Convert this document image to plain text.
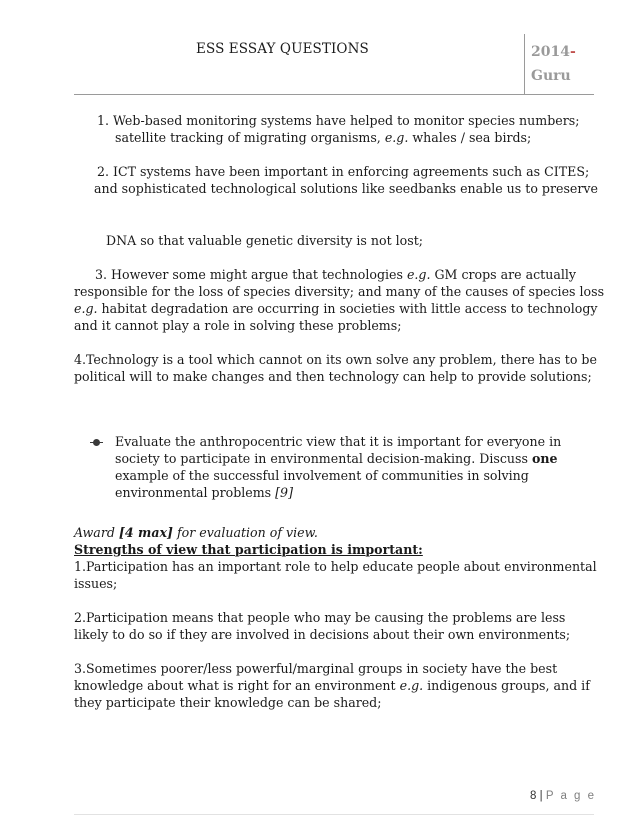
ESS ESSAY QUESTIONS	2014-
Guru
1. Web-based monitoring systems have helped to monitor species numbers;
satellite tracking of migrating organisms, e.g. whales / sea birds;
2. ICT systems have been important in enforcing agreements such as CITES;
and sophisticated technological solutions like seedbanks enable us to preserve
DNA so that valuable genetic diversity is not lost;
3. However some might argue that technologies e.g. GM crops are actually
responsible for the loss of species diversity; and many of the causes of species loss
e.g. habitat degradation are occurring in societies with little access to technology
and it cannot play a role in solving these problems;
4.Technology is a tool which cannot on its own solve any problem, there has to be
political will to make changes and then technology can help to provide solutions;
Evaluate the anthropocentric view that it is important for everyone in
society to participate in environmental decision-making. Discuss one
example of the successful involvement of communities in solving
environmental problems [9]
Award [4 max] for evaluation of view.
Strengths of view that participation is important:
1.Participation has an important role to help educate people about environmental
issues;
2.Participation means that people who may be causing the problems are less
likely to do so if they are involved in decisions about their own environments;
3.Sometimes poorer/less powerful/marginal groups in society have the best
knowledge about what is right for an environment e.g. indigenous groups, and if
they participate their knowledge can be shared;
8 | P a g e
